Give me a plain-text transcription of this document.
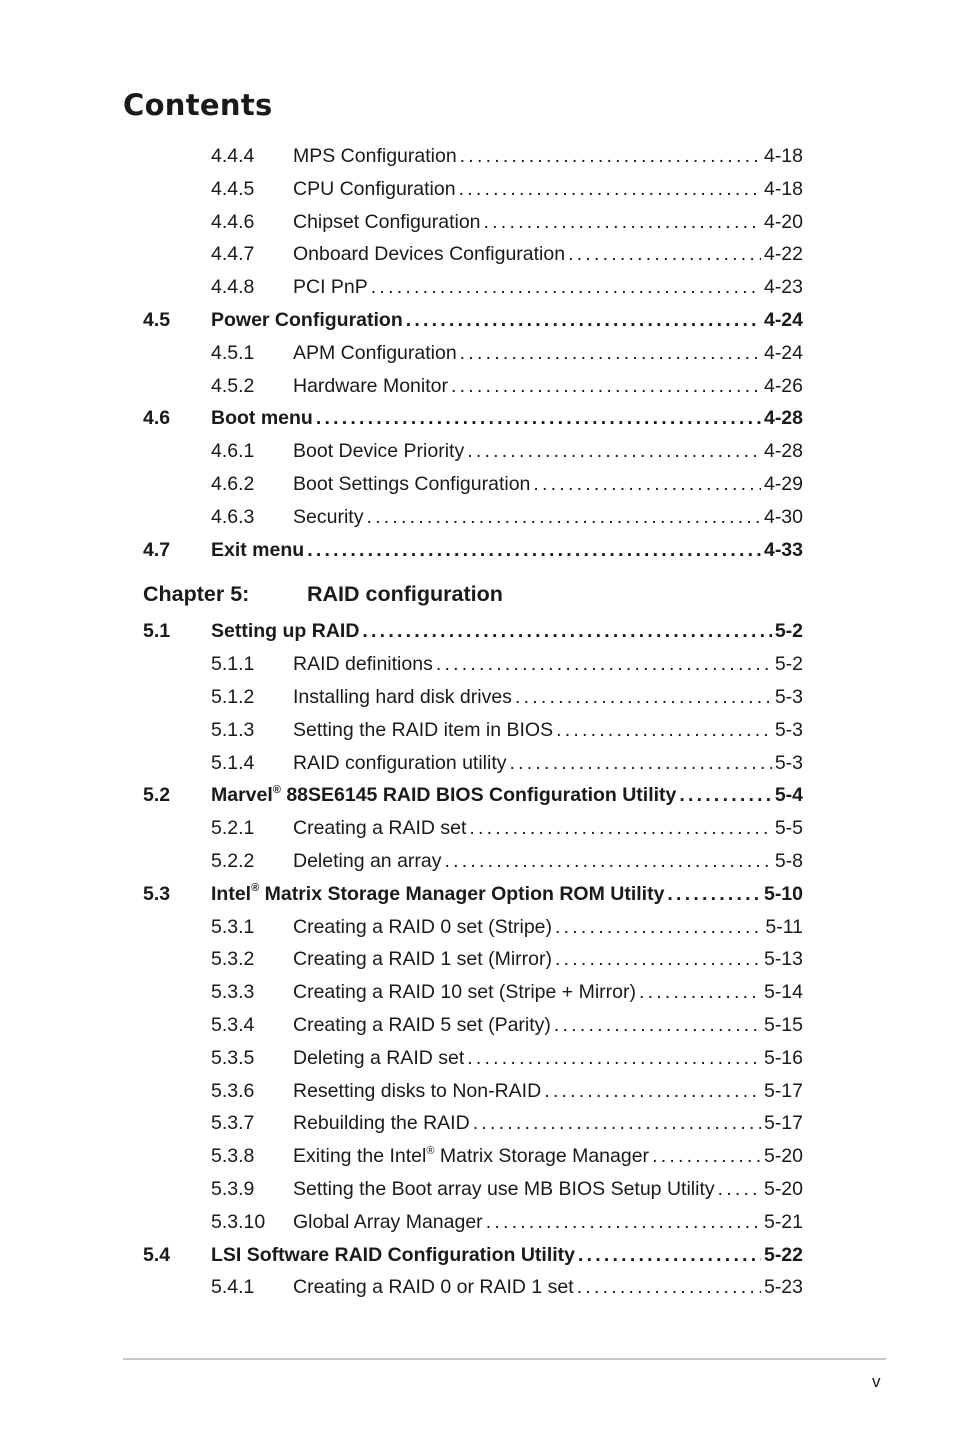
Contents
4.4.4 MPS Configuration . . .	4-18
4.4.5 CPU Configuration . . .	4-18
4.4.6 Chipset Configuration . . .	4-20
4.4.7 Onboard Devices Configuration . . .	4-22
4.4.8 PCI PnP . . .	4-23
4.5 Power Configuration . . .	4-24
4.5.1 APM Configuration . . .	4-24
4.5.2 Hardware Monitor . . .	4-26
4.6 Boot menu . . .	4-28
4.6.1 Boot Device Priority . . .	4-28
4.6.2 Boot Settings Configuration . . .	4-29
4.6.3 Security . . .	4-30
4.7 Exit menu . . .	4-33
Chapter 5:	RAID configuration
5.1 Setting up RAID . . .	5-2
5.1.1 RAID definitions . . .	5-2
5.1.2 Installing hard disk drives . . .	5-3
5.1.3 Setting the RAID item in BIOS . . .	5-3
5.1.4 RAID configuration utility . . .	5-3
5.2 Marvel® 88SE6145 RAID BIOS Configuration Utility . . .	5-4
5.2.1 Creating a RAID set . . .	5-5
5.2.2 Deleting an array . . .	5-8
5.3 Intel® Matrix Storage Manager Option ROM Utility . . .	5-10
5.3.1 Creating a RAID 0 set (Stripe) . . .	5-11
5.3.2 Creating a RAID 1 set (Mirror) . . .	5-13
5.3.3 Creating a RAID 10 set (Stripe + Mirror) . . .	5-14
5.3.4 Creating a RAID 5 set (Parity) . . .	5-15
5.3.5 Deleting a RAID set . . .	5-16
5.3.6 Resetting disks to Non-RAID . . .	5-17
5.3.7 Rebuilding the RAID . . .	5-17
5.3.8 Exiting the Intel® Matrix Storage Manager . . .	5-20
5.3.9 Setting the Boot array use MB BIOS Setup Utility . . .	5-20
5.3.10 Global Array Manager . . .	5-21
5.4 LSI Software RAID Configuration Utility . . .	5-22
5.4.1 Creating a RAID 0 or RAID 1 set . . .	5-23
v
